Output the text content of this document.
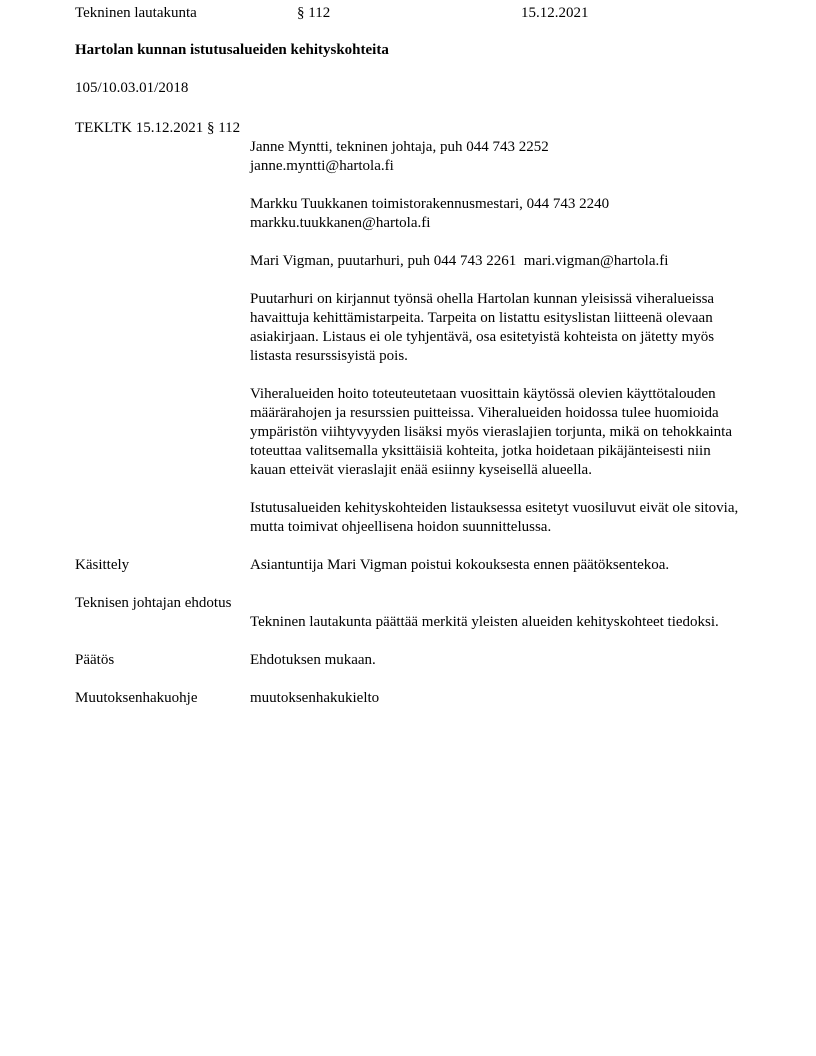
Tekninen lautakunta	§ 112	15.12.2021
Hartolan kunnan istutusalueiden kehityskohteita
105/10.03.01/2018
TEKLTK 15.12.2021 § 112
Janne Myntti, tekninen johtaja, puh 044 743 2252
janne.myntti@hartola.fi
Markku Tuukkanen toimistorakennusmestari, 044 743 2240
markku.tuukkanen@hartola.fi
Mari Vigman, puutarhuri, puh 044 743 2261  mari.vigman@hartola.fi
Puutarhuri on kirjannut työnsä ohella Hartolan kunnan yleisissä viheralueissa havaittuja kehittämistarpeita. Tarpeita on listattu esityslistan liitteenä olevaan asiakirjaan. Listaus ei ole tyhjentävä, osa esitetyistä kohteista on jätetty myös listasta resurssisyistä pois.
Viheralueiden hoito toteuteutetaan vuosittain käytössä olevien käyttötalouden määrärahojen ja resurssien puitteissa. Viheralueiden hoidossa tulee huomioida ympäristön viihtyvyyden lisäksi myös vieraslajien torjunta, mikä on tehokkainta toteuttaa valitsemalla yksittäisiä kohteita, jotka hoidetaan pikäjänteisesti niin kauan etteivät vieraslajit enää esiinny kyseisellä alueella.
Istutusalueiden kehityskohteiden listauksessa esitetyt vuosiluvut eivät ole sitovia, mutta toimivat ohjeellisena hoidon suunnittelussa.
Käsittely	Asiantuntija Mari Vigman poistui kokouksesta ennen päätöksentekoa.
Teknisen johtajan ehdotus
Tekninen lautakunta päättää merkitä yleisten alueiden kehityskohteet tiedoksi.
Päätös	Ehdotuksen mukaan.
Muutoksenhakuohje	muutoksenhakukielto
